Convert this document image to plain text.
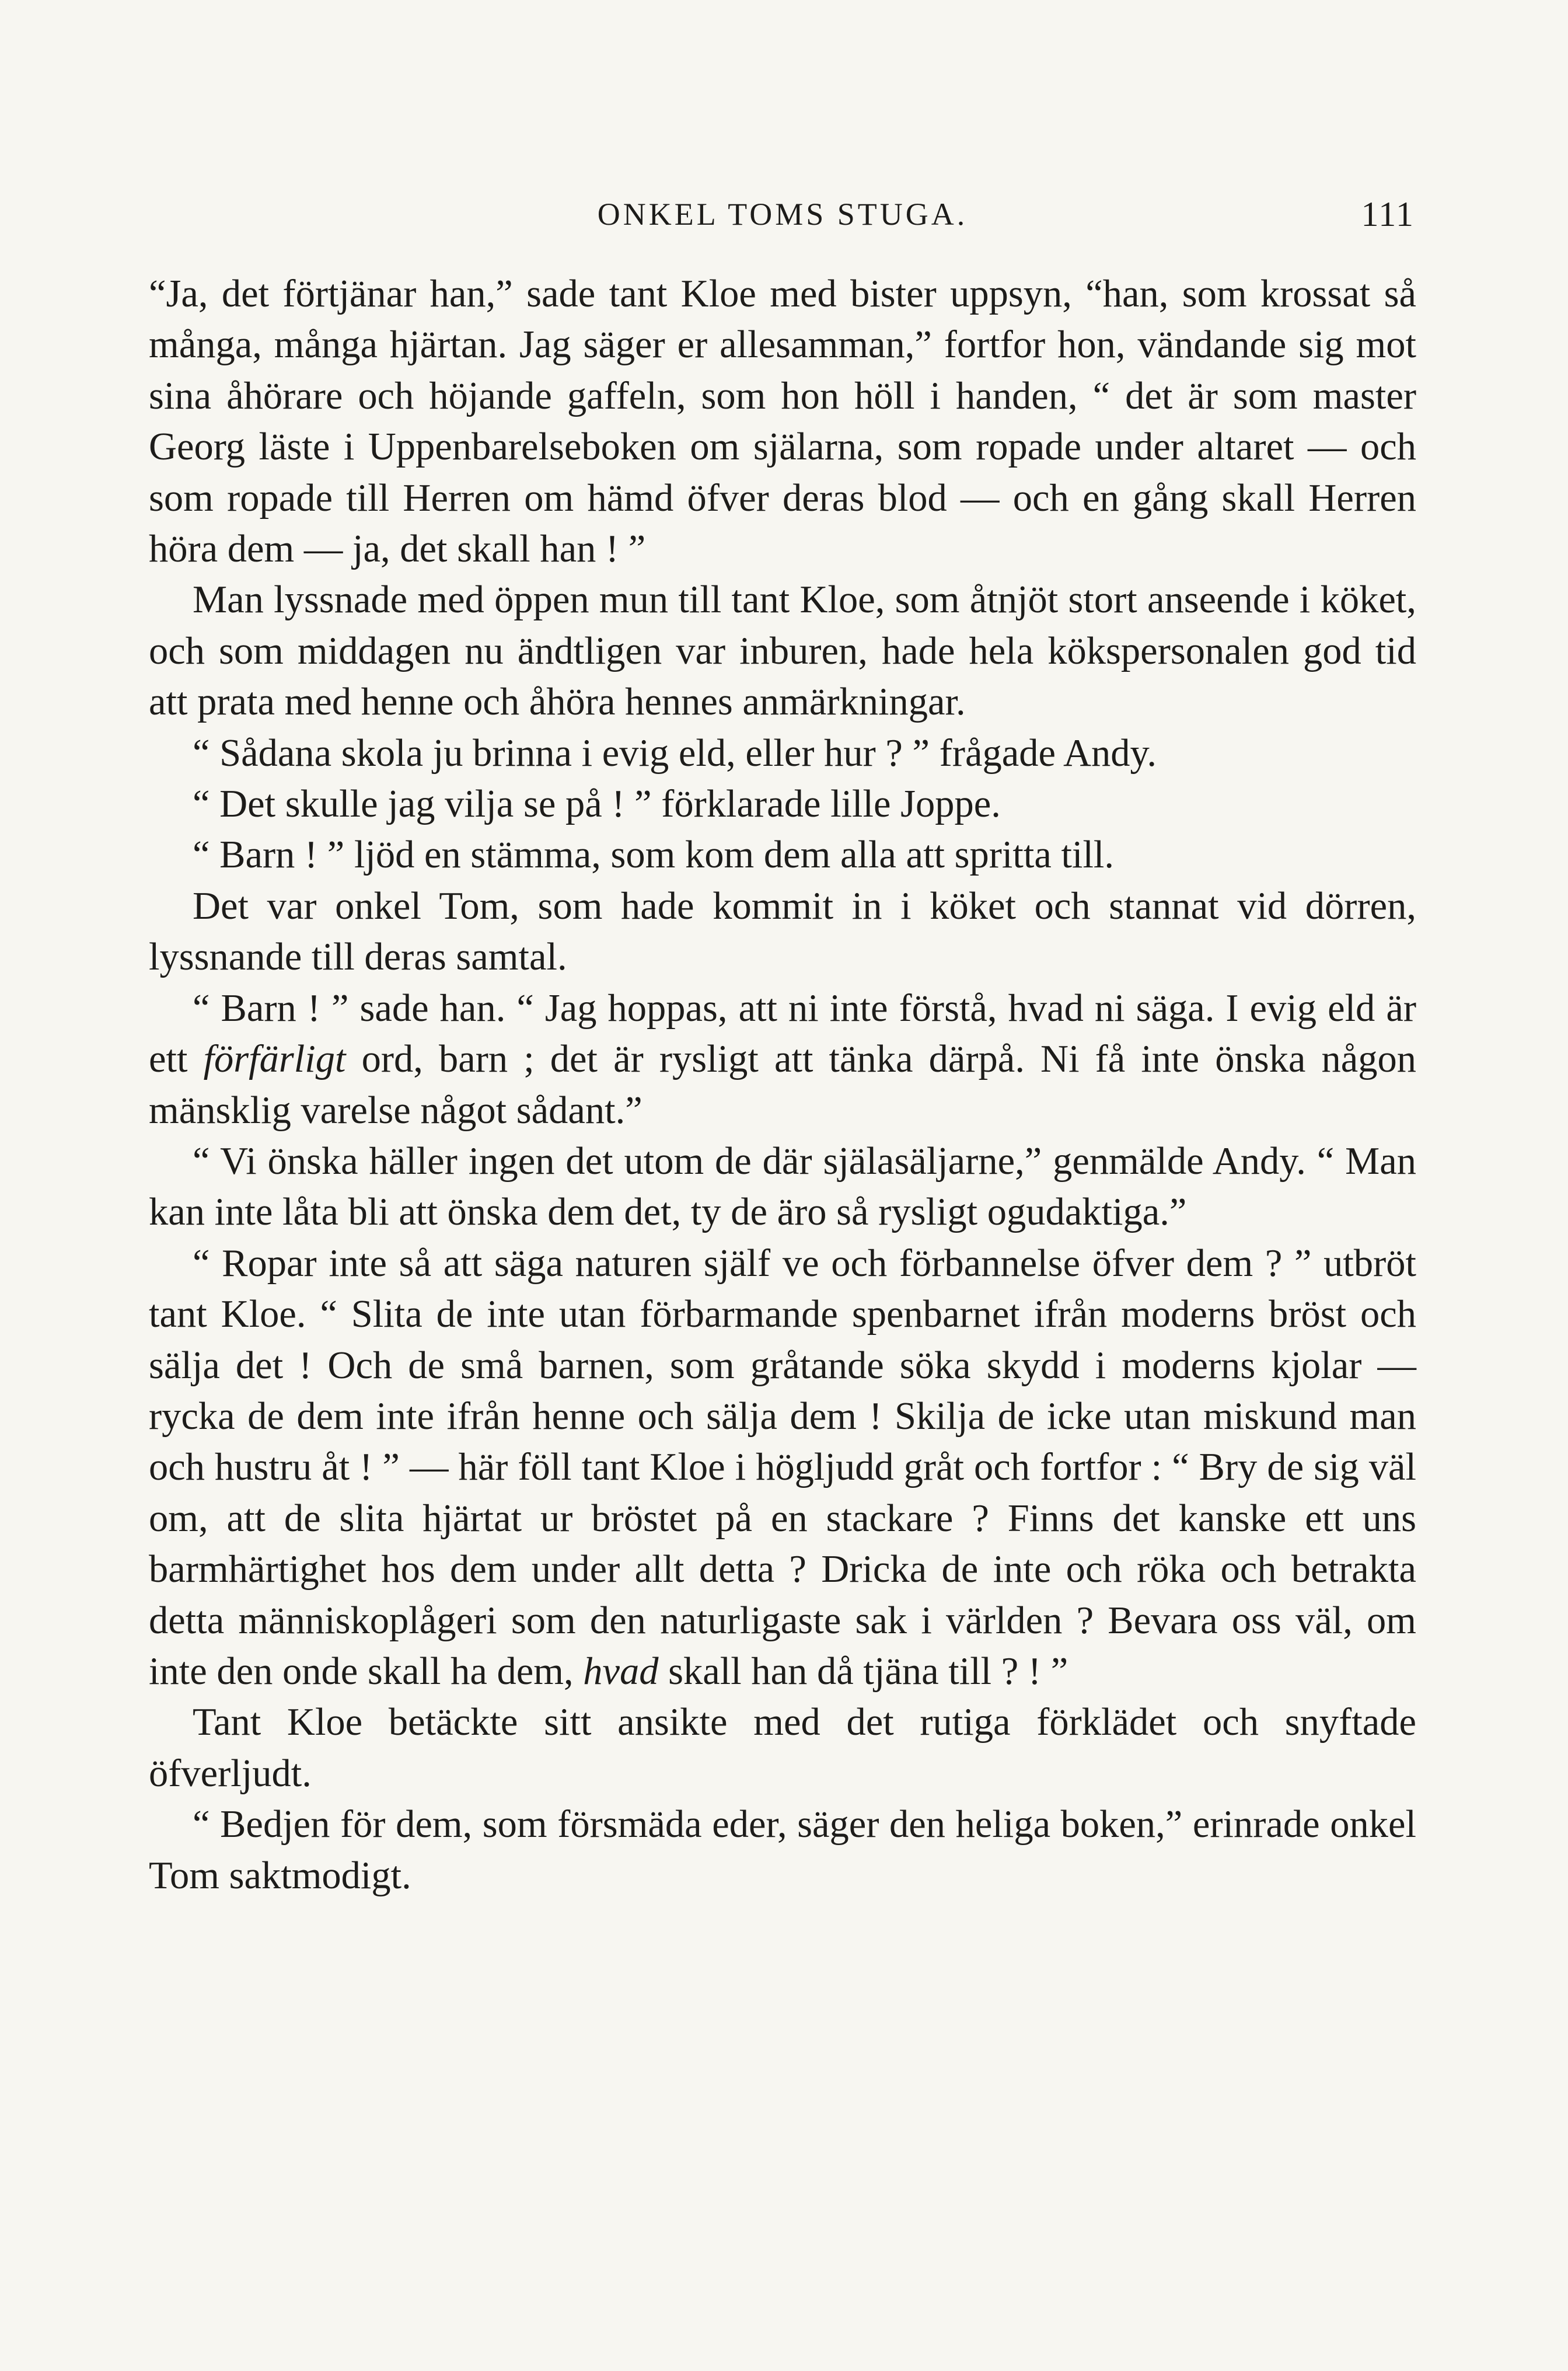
ONKEL TOMS STUGA.	111

“Ja, det förtjänar han,” sade tant Kloe med bister uppsyn, “han, som krossat så många, många hjärtan. Jag säger er allesamman,” fortfor hon, vändande sig mot sina åhörare och höjande gaffeln, som hon höll i handen, “ det är som master Georg läste i Uppenbarelseboken om själarna, som ropade under altaret — och som ropade till Herren om hämd öfver deras blod — och en gång skall Herren höra dem — ja, det skall han ! ”

Man lyssnade med öppen mun till tant Kloe, som åtnjöt stort anseende i köket, och som middagen nu ändtligen var inburen, hade hela kökspersonalen god tid att prata med henne och åhöra hennes anmärkningar.

“ Sådana skola ju brinna i evig eld, eller hur ? ” frågade Andy.

“ Det skulle jag vilja se på ! ” förklarade lille Joppe.

“ Barn ! ” ljöd en stämma, som kom dem alla att spritta till.

Det var onkel Tom, som hade kommit in i köket och stannat vid dörren, lyssnande till deras samtal.

“ Barn ! ” sade han. “ Jag hoppas, att ni inte förstå, hvad ni säga. I evig eld är ett förfärligt ord, barn ; det är rysligt att tänka därpå. Ni få inte önska någon mänsklig varelse något sådant.”

“ Vi önska häller ingen det utom de där själasäljarne,” genmälde Andy. “ Man kan inte låta bli att önska dem det, ty de äro så rysligt ogudaktiga.”

“ Ropar inte så att säga naturen själf ve och förbannelse öfver dem ? ” utbröt tant Kloe. “ Slita de inte utan förbarmande spenbarnet ifrån moderns bröst och sälja det ! Och de små barnen, som gråtande söka skydd i moderns kjolar — rycka de dem inte ifrån henne och sälja dem ! Skilja de icke utan miskund man och hustru åt ! ” — här föll tant Kloe i högljudd gråt och fortfor : “ Bry de sig väl om, att de slita hjärtat ur bröstet på en stackare ? Finns det kanske ett uns barmhärtighet hos dem under allt detta ? Dricka de inte och röka och betrakta detta människoplågeri som den naturligaste sak i världen ? Bevara oss väl, om inte den onde skall ha dem, hvad skall han då tjäna till ? ! ”

Tant Kloe betäckte sitt ansikte med det rutiga förklädet och snyftade öfverljudt.

“ Bedjen för dem, som försmäda eder, säger den heliga boken,” erinrade onkel Tom saktmodigt.
